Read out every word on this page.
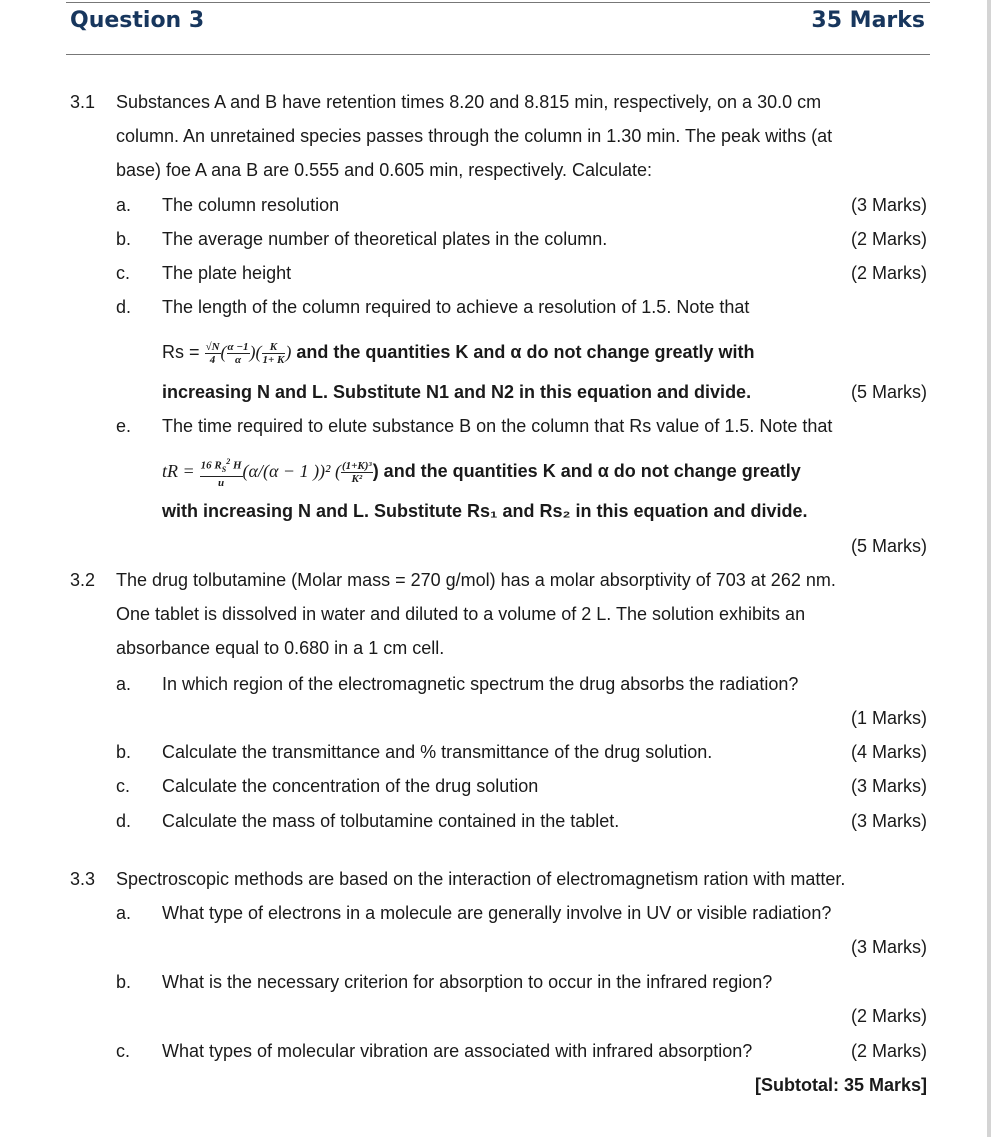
Question 3	35 Marks
3.1 Substances A and B have retention times 8.20 and 8.815 min, respectively, on a 30.0 cm
column. An unretained species passes through the column in 1.30 min. The peak withs (at
base) foe A ana B are 0.555 and 0.605 min, respectively. Calculate:
a. The column resolution	(3 Marks)
b. The average number of theoretical plates in the column.	(2 Marks)
c. The plate height	(2 Marks)
d. The length of the column required to achieve a resolution of 1.5. Note that
$Rs = \frac{√N}{4}$ ( $\frac{\alpha -1}{\alpha}$ )( $\frac{K}{1+ K}$ ) and the quantities K and α do not change greatly with
increasing N and L. Substitute N1 and N2 in this equation and divide.	(5 Marks)
e. The time required to elute substance B on the column that Rs value of 1.5. Note that
tR = $\frac{16 R_S^2 H}{u} (\alpha/(\alpha - 1$ ))² ( $\frac{\text{(1+K)³}}{\text{K²}}$ ) and the quantities K and α do not change greatly
with increasing N and L. Substitute Rs₁ and Rs₂ in this equation and divide.
(5 Marks)
3.2 The drug tolbutamine (Molar mass = 270 g/mol) has a molar absorptivity of 703 at 262 nm.
One tablet is dissolved in water and diluted to a volume of 2 L. The solution exhibits an
absorbance equal to 0.680 in a 1 cm cell.
a. In which region of the electromagnetic spectrum the drug absorbs the radiation?
(1 Marks)
b. Calculate the transmittance and % transmittance of the drug solution.	(4 Marks)
c. Calculate the concentration of the drug solution	(3 Marks)
d. Calculate the mass of tolbutamine contained in the tablet.	(3 Marks)
3.3 Spectroscopic methods are based on the interaction of electromagnetism ration with matter.
a. What type of electrons in a molecule are generally involve in UV or visible radiation?
(3 Marks)
b. What is the necessary criterion for absorption to occur in the infrared region?
(2 Marks)
c. What types of molecular vibration are associated with infrared absorption?	(2 Marks)
[Subtotal: 35 Marks]
